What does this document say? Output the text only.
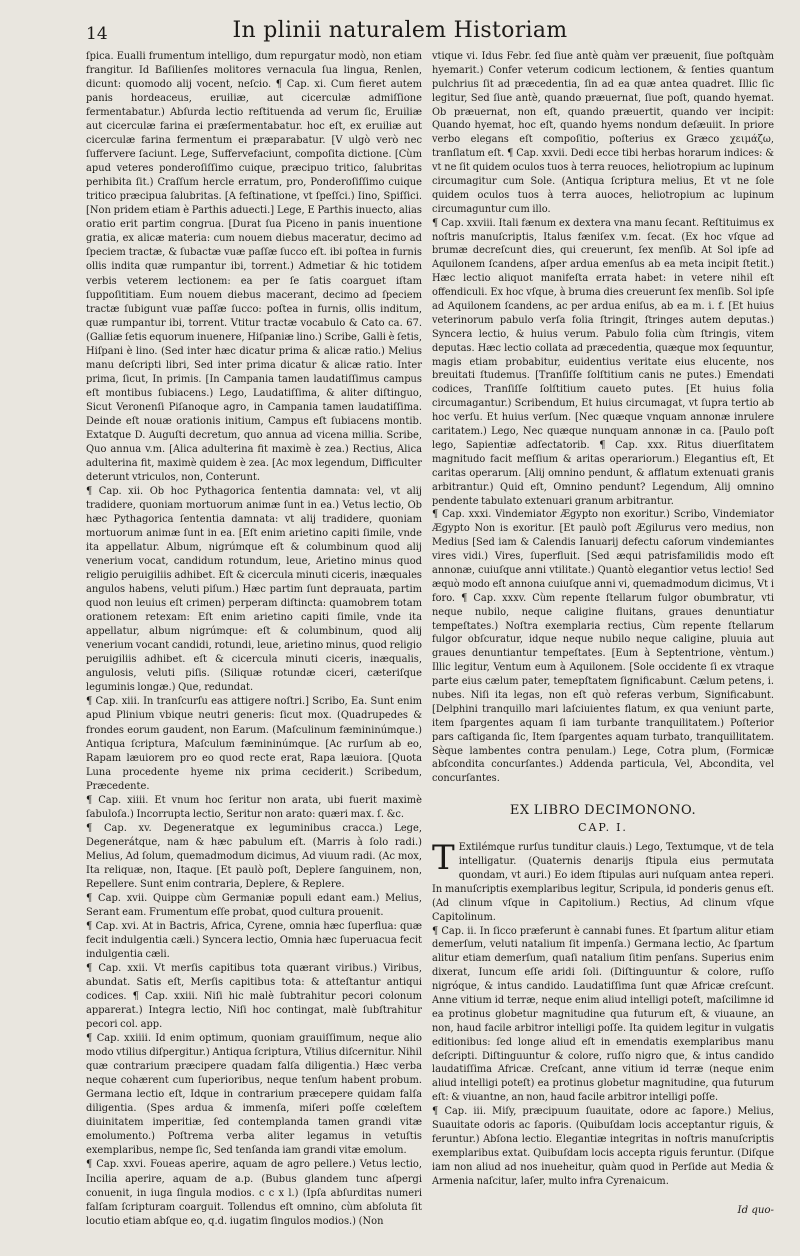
14	In plinii naturalem Historiam

ſpica. Eualli frumentum intelligo, dum repurgatur modò, non etiam frangitur. Id Baſilienſes molitores vernacula ſua lingua, Renlen, dicunt: quomodo alij vocent, neſcio. ¶ Cap. xi. Cum fieret autem panis hordeaceus, eruiliæ, aut cicerculæ admiſſione fermentabatur.) Abſurda lectio reſtituenda ad verum ſic, Eruiliæ aut cicerculæ farina ei præſermentabatur. hoc eſt, ex eruiliæ aut cicerculæ farina fermentum ei præparabatur. [V ulgò verò nec ſuffervere ſaciunt. Lege, Suffervefaciunt, compoſita dictione. [Cùm apud veteres ponderoſiſſimo cuique, præcipuo tritico, ſalubritas perhibita ſit.) Craſſum hercle erratum, pro, Ponderoſiſſimo cuique tritico præcipua ſalubritas. [A feſtinatione, vt ſpeſſci.) Iino, Spiſſici. [Non pridem etiam è Parthis aduecti.] Lege, E Parthis inuecto, alias oratio erit partim congrua. [Durat ſua Piceno in panis inuentione gratia, ex alicæ materia: cum nouem diebus maceratur, decimo ad ſpeciem tractæ, & ſubactæ vuæ paſſæ ſucco eſt. ibi poſtea in furnis ollis indita quæ rumpantur ibi, torrent.) Admetiar & hic totidem verbis veterem lectionem: ea per ſe ſatis coarguet iſtam ſuppoſititiam. Eum nouem diebus macerant, decimo ad ſpeciem tractæ ſubigunt vuæ paſſæ ſucco: poſtea in furnis, ollis inditum, quæ rumpantur ibi, torrent. Vtitur tractæ vocabulo & Cato ca. 67. (Galliæ ſetis equorum inuenere, Hiſpaniæ lino.) Scribe, Galli è ſetis, Hiſpani è lino. (Sed inter hæc dicatur prima & alicæ ratio.) Melius manu deſcripti libri, Sed inter prima dicatur & alicæ ratio. Inter prima, ſicut, In primis. [In Campania tamen laudatiſſimus campus eſt montibus ſubiacens.) Lego, Laudatiſſima, & aliter diſtinguo, Sicut Veronenſi Piſanoque agro, in Campania tamen laudatiſſima. Deinde eſt nouæ orationis initium, Campus eſt ſubiacens montib. Extatque D. Auguſti decretum, quo annua ad vicena millia. Scribe, Quo annua v.m. [Alica adulterina fit maximè è zea.) Rectius, Alica adulterina fit, maximè quidem è zea. [Ac mox legendum, Difficulter deterunt vtriculos, non, Conterunt.

¶ Cap. xii. Ob hoc Pythagorica ſententia damnata: vel, vt alij tradidere, quoniam mortuorum animæ ſunt in ea.) Vetus lectio, Ob hæc Pythagorica ſententia damnata: vt alij tradidere, quoniam mortuorum animæ ſunt in ea. [Eſt enim arietino capiti ſimile, vnde ita appellatur. Album, nigrúmque eſt & columbinum quod alij venerium vocat, candidum rotundum, leue, Arietino minus quod religio peruigiliis adhibet. Eſt & cicercula minuti ciceris, inæquales angulos habens, veluti piſum.) Hæc partim ſunt deprauata, partim quod non leuius eſt crimen) perperam diſtincta: quamobrem totam orationem retexam: Eſt enim arietino capiti ſimile, vnde ita appellatur, album nigrúmque: eſt & columbinum, quod alij venerium vocant candidi, rotundi, leue, arietino minus, quod religio peruigiliis adhibet. eſt & cicercula minuti ciceris, inæqualis, angulosis, veluti piſis. (Siliquæ rotundæ ciceri, cæteriſque leguminis longæ.) Que, redundat.

¶ Cap. xiii. In tranſcurſu eas attigere noſtri.] Scribo, Ea. Sunt enim apud Plinium vbique neutri generis: ſicut mox. (Quadrupedes & frondes eorum gaudent, non Earum. (Maſculinum fæmininúmque.) Antiqua ſcriptura, Maſculum fæmininúmque. [Ac rurſum ab eo, Rapam læuiorem pro eo quod recte erat, Rapa læuiora. [Quota Luna procedente hyeme nix prima ceciderit.) Scribedum, Præcedente.

¶ Cap. xiiii. Et vnum hoc ſeritur non arata, ubi fuerit maximè ſabuloſa.) Incorrupta lectio, Seritur non arato: quæri max. ſ. &c.

¶ Cap. xv. Degeneratque ex leguminibus cracca.) Lege, Degenerátque, nam & hæc pabulum eſt. (Marris à ſolo radi.) Melius, Ad ſolum, quemadmodum dicimus, Ad viuum radi. (Ac mox, Ita reliquæ, non, Itaque. [Et paulò poſt, Deplere ſanguinem, non, Repellere. Sunt enim contraria, Deplere, & Replere.

¶ Cap. xvii. Quippe cùm Germaniæ populi edant eam.) Melius, Serant eam. Frumentum eſſe probat, quod cultura prouenit.

¶ Cap. xvi. At in Bactris, Africa, Cyrene, omnia hæc ſuperflua: quæ fecit indulgentia cæli.) Syncera lectio, Omnia hæc ſuperuacua fecit indulgentia cæli.

¶ Cap. xxii. Vt merſis capitibus tota quærant viribus.) Viribus, abundat. Satis eſt, Merſis capitibus tota: & atteſtantur antiqui codices. ¶ Cap. xxiii. Niſi hic malè ſubtrahitur pecori colonum apparerat.) Integra lectio, Niſi hoc contingat, malè ſubſtrahitur pecori col. app.

¶ Cap. xxiiii. Id enim optimum, quoniam grauiſſimum, neque alio modo vtilius diſpergitur.) Antiqua ſcriptura, Vtilius diſcernitur. Nihil quæ contrarium præcipere quadam falſa diligentia.) Hæc verba neque cohærent cum ſuperioribus, neque tenſum habent probum. Germana lectio eſt, Idque in contrarium præcepere quidam falſa diligentia. (Spes ardua & immenſa, miſeri poſſe cœleſtem diuinitatem imperitiæ, ſed contemplanda tamen grandi vitæ emolumento.) Poſtrema verba aliter legamus in vetuſtis exemplaribus, nempe ſic, Sed tenſanda iam grandi vitæ emolum.

¶ Cap. xxvi. Foueas aperire, aquam de agro pellere.) Vetus lectio, Incilia aperire, aquam de a.p. (Bubus glandem tunc aſpergi conuenit, in iuga ſingula modios. c c x l.) (Ipſa abſurditas numeri falſam ſcripturam coarguit. Tollendus eſt omnino, cùm abſoluta ſit locutio etiam abſque eo, q.d. iugatim ſingulos modios.) (Non

vtique vi. Idus Febr. ſed ſiue antè quàm ver præuenit, ſiue poſtquàm hyemarit.) Confer veterum codicum lectionem, & ſenties quantum pulchrius ſit ad præcedentia, ſin ad ea quæ antea quadret. Illic ſic legitur, Sed ſiue antè, quando præuernat, ſiue poſt, quando hyemat. Ob præuernat, non eſt, quando præuertit, quando ver incipit: Quando hyemat, hoc eſt, quando hyems nondum deſæuiit. In priore verbo elegans eſt compoſitio, poſterius ex Græco χειμάζω, tranſlatum eſt. ¶ Cap. xxvii. Dedi ecce tibi herbas horarum indices: & vt ne ſit quidem oculos tuos à terra reuoces, heliotropium ac lupinum circumagitur cum Sole. (Antiqua ſcriptura melius, Et vt ne ſole quidem oculos tuos à terra auoces, heliotropium ac lupinum circumaguntur cum illo.

¶ Cap. xxviii. Itali fænum ex dextera vna manu ſecant. Reſtituimus ex noſtris manuſcriptis, Italus fæniſex v.m. ſecat. (Ex hoc vſque ad brumæ decreſcunt dies, qui creuerunt, ſex menſib. At Sol ipſe ad Aquilonem ſcandens, aſper ardua emenſus ab ea meta incipit ſtetit.) Hæc lectio aliquot manifeſta errata habet: in vetere nihil eſt offendiculi. Ex hoc vſque, à bruma dies creuerunt ſex menſib. Sol ipſe ad Aquilonem ſcandens, ac per ardua eniſus, ab ea m. i. f. [Et huius veterinorum pabulo verſa folia ſtringit, ſtringes autem deputas.) Syncera lectio, & huius verum. Pabulo folia cùm ſtringis, vitem deputas. Hæc lectio collata ad præcedentia, quæque mox ſequuntur, magis etiam probabitur, euidentius veritate eius elucente, nos breuitati ſtudemus. [Tranſiſſe ſolſtitium canis ne putes.) Emendati codices, Tranſiſſe ſolſtitium caueto putes. [Et huius folia circumagantur.) Scribendum, Et huius circumagat, vt ſupra tertio ab hoc verſu. Et huius verſum. [Nec quæque vnquam annonæ inrulere caritatem.) Lego, Nec quæque nunquam annonæ in ca. [Paulo poſt lego, Sapientiæ adſectatorib. ¶ Cap. xxx. Ritus diuerſitatem magnitudo facit meſſium & aritas operariorum.) Elegantius eſt, Et caritas operarum. [Alij omnino pendunt, & afflatum extenuati granis arbitrantur.) Quid eſt, Omnino pendunt? Legendum, Alij omnino pendente tabulato extenuari granum arbitrantur.

¶ Cap. xxxi. Vindemiator Ægypto non exoritur.) Scribo, Vindemiator Ægypto Non is exoritur. [Et paulò poſt Ægilurus vero medius, non Medius [Sed iam & Calendis Ianuarij defectu caſorum vindemiantes vires vidi.) Vires, ſuperfluit. [Sed æqui patrisfamilidis modo eſt annonæ, cuiuſque anni vtilitate.) Quantò elegantior vetus lectio! Sed æquò modo eſt annona cuiuſque anni vi, quemadmodum dicimus, Vt i foro. ¶ Cap. xxxv. Cùm repente ſtellarum fulgor obumbratur, vti neque nubilo, neque caligine fluitans, graues denuntiatur tempeſtates.) Noſtra exemplaria rectius, Cùm repente ſtellarum fulgor obſcuratur, idque neque nubilo neque caligine, pluuia aut graues denuntiantur tempeſtates. [Eum à Septentrione, vèntum.) Illic legitur, Ventum eum à Aquilonem. [Sole occidente ſi ex vtraque parte eius cælum pater, temepſtatem ſignificabunt. Cælum petens, i. nubes. Niſi ita legas, non eſt quò referas verbum, Significabunt. [Delphini tranquillo mari laſciuientes flatum, ex qua veniunt parte, item ſpargentes aquam ſi iam turbante tranquilitatem.) Poſterior pars caſtiganda ſic, Item ſpargentes aquam turbato, tranquillitatem. Sèque lambentes contra penulam.) Lege, Cotra plum, (Formicæ abſcondita concurſantes.) Addenda particula, Vel, Abcondita, vel concurſantes.

EX LIBRO DECIMONONO.
CAP. I.

T Extilémque rurſus tunditur clauis.) Lego, Textumque, vt de tela intelligatur. (Quaternis denarijs ſtipula eius permutata quondam, vt auri.) Eo idem ſtipulas auri nuſquam antea reperi. In manuſcriptis exemplaribus legitur, Scripula, id ponderis genus eſt. (Ad clinum vſque in Capitolium.) Rectius, Ad clinum vſque Capitolinum.

¶ Cap. ii. In ſicco præferunt è cannabi funes. Et ſpartum alitur etiam demerſum, veluti natalium ſit impenſa.) Germana lectio, Ac ſpartum alitur etiam demerſum, quaſi natalium ſitim penſans. Superius enim dixerat, Iuncum eſſe aridi ſoli. (Diſtinguuntur & colore, ruſſo nigróque, & intus candido. Laudatiſſima ſunt quæ Africæ creſcunt. Anne vitium id terræ, neque enim aliud intelligi poteſt, maſcilimne id ea protinus globetur magnitudine qua futurum eſt, & viuaune, an non, haud facile arbitror intelligi poſſe. Ita quidem legitur in vulgatis editionibus: ſed longe aliud eſt in emendatis exemplaribus manu deſcripti. Diſtinguuntur & colore, ruſſo nigro que, & intus candido laudatiſſima Africæ. Creſcant, anne vitium id terræ (neque enim aliud intelligi poteſt) ea protinus globetur magnitudine, qua futurum eſt: & viuantne, an non, haud facile arbitror intelligi poſſe.

¶ Cap. iii. Miſy, præcipuum ſuauitate, odore ac ſapore.) Melius, Suauitate odoris ac ſaporis. (Quibuſdam locis acceptantur riguis, & feruntur.) Abſona lectio. Elegantiæ integritas in noſtris manuſcriptis exemplaribus extat. Quibuſdam locis accepta riguis feruntur. (Diſque iam non aliud ad nos inueheitur, quàm quod in Perſide aut Media & Armenia naſcitur, laſer, multo infra Cyrenaicum.

Id quo-
